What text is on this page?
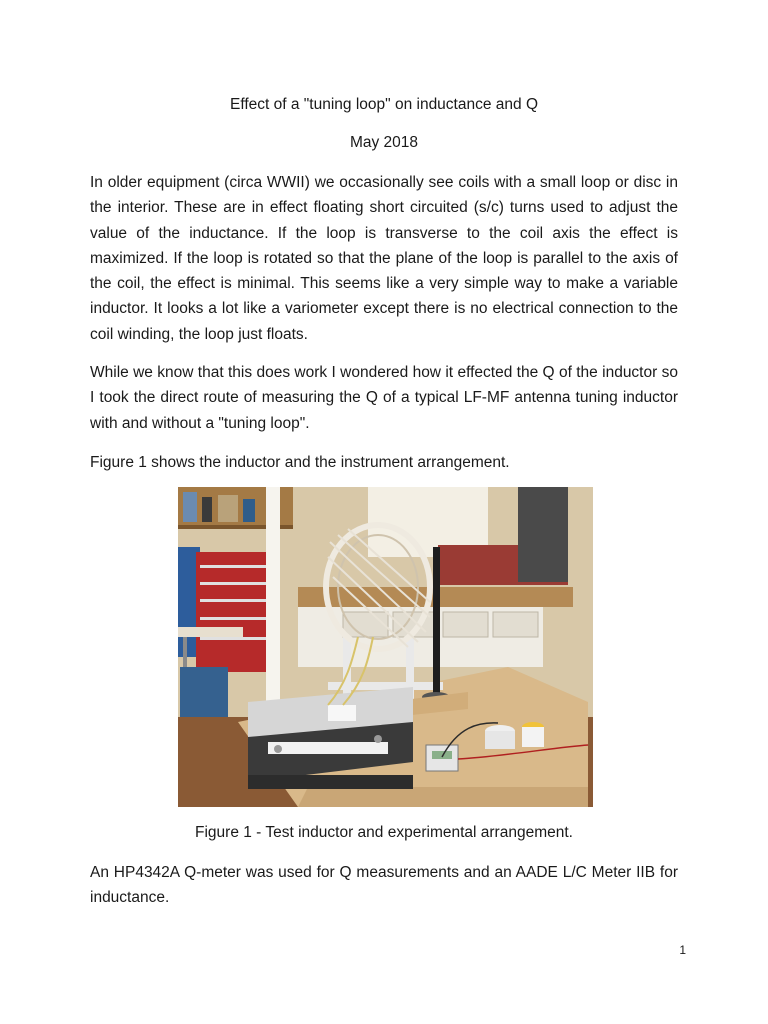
Effect of a "tuning loop" on inductance and Q
May 2018

In older equipment (circa WWII) we occasionally see coils with a small loop or disc in the interior. These are in effect floating short circuited (s/c) turns used to adjust the value of the inductance. If the loop is transverse to the coil axis the effect is maximized. If the loop is rotated so that the plane of the loop is parallel to the axis of the coil, the effect is minimal. This seems like a very simple way to make a variable inductor. It looks a lot like a variometer except there is no electrical connection to the coil winding, the loop just floats.

While we know that this does work I wondered how it effected the Q of the inductor so I took the direct route of measuring the Q of a typical LF-MF antenna tuning inductor with and without a "tuning loop".

Figure 1 shows the inductor and the instrument arrangement.

Figure 1 - Test inductor and experimental arrangement.

An HP4342A Q-meter was used for Q measurements and an AADE L/C Meter IIB for inductance.

1
